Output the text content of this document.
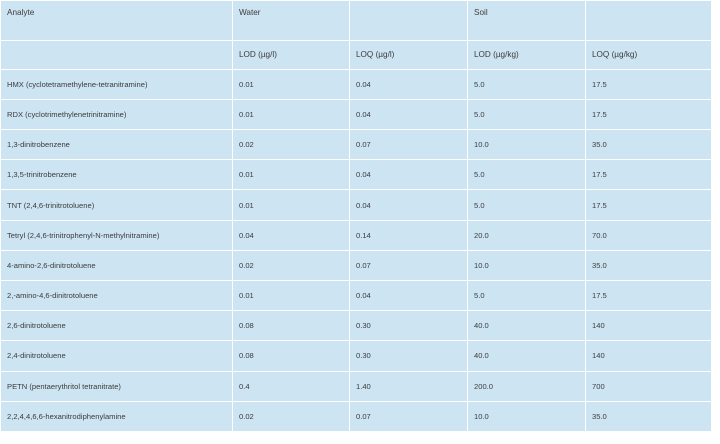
Analyte	Water		Soil	
	LOD (µg/l)	LOQ (µg/l)	LOD (µg/kg)	LOQ (µg/kg)
HMX (cyclotetramethylene-tetranitramine)	0.01	0.04	5.0	17.5
RDX (cyclotrimethylenetrinitramine)	0.01	0.04	5.0	17.5
1,3-dinitrobenzene	0.02	0.07	10.0	35.0
1,3,5-trinitrobenzene	0.01	0.04	5.0	17.5
TNT (2,4,6-trinitrotoluene)	0.01	0.04	5.0	17.5
Tetryl (2,4,6-trinitrophenyl-N-methylnitramine)	0.04	0.14	20.0	70.0
4-amino-2,6-dinitrotoluene	0.02	0.07	10.0	35.0
2,-amino-4,6-dinitrotoluene	0.01	0.04	5.0	17.5
2,6-dinitrotoluene	0.08	0.30	40.0	140
2,4-dinitrotoluene	0.08	0.30	40.0	140
PETN (pentaerythritol tetranitrate)	0.4	1.40	200.0	700
2,2,4,4,6,6-hexanitrodiphenylamine	0.02	0.07	10.0	35.0
